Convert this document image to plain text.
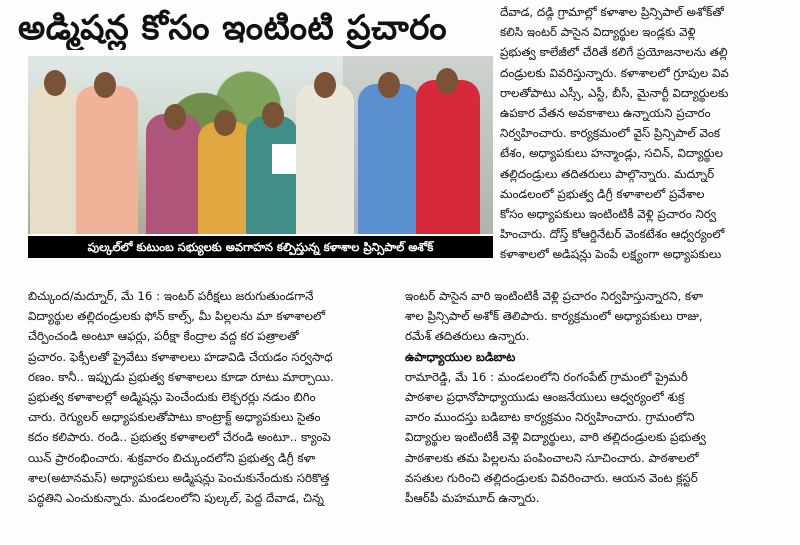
అడ్మిషన్ల కోసం ఇంటింటి ప్రచారం
పుల్కల్‌లో కుటుంబ సభ్యులకు అవగాహన కల్పిస్తున్న కళాశాల ప్రిన్సిపాల్ అశోక్

బిచ్కుంద/మద్నూర్, మే 16 : ఇంటర్ పరీక్షలు జరుగుతుండగానే

విద్యార్థుల తల్లిదండ్రులకు ఫోన్ కాల్స్, మీ పిల్లలను మా కళాశాలలో

చేర్పించండి అంటూ ఆఫర్లు, పరీక్షా కేంద్రాల వద్ద కర పత్రాలతో

ప్రచారం. ఫెక్సీలతో ప్రైవేటు కళాశాలలు హడావిడి చేయడం సర్వసాధ

రణం. కానీ.. ఇప్పుడు ప్రభుత్వ కళాశాలలు కూడా రూటు మార్చాయి.

ప్రభుత్వ కళాశాలల్లో అడ్మిషన్లు పెంచేందుకు లెక్చరర్లు నడుం బిగిం

చారు. రెగ్యులర్ అధ్యాపకులతోపాటు కాంట్రాక్ట్ అధ్యాపకులు సైతం

కదం కలిపారు. రండి.. ప్రభుత్వ కళాశాలలో చేరండి అంటూ.. క్యాంపె

యిన్ ప్రారంభించారు. శుక్రవారం బిచ్కుందలోని ప్రభుత్వ డిగ్రీ కళా

శాల(అటానమస్) అధ్యాపకులు అడ్మిషన్లు పెంచుకునేందుకు సరికొత్త

పద్ధతిని ఎంచుకున్నారు. మండలంలోని పుల్కల్, పెద్ద దేవాడ, చిన్న

దేవాడ, దడ్గి గ్రామాల్లో కళాశాల ప్రిన్సిపాల్ అశోక్‌తో

కలిసి ఇంటర్ పాసైన విద్యార్థుల ఇండ్లకు వెళ్లి

ప్రభుత్వ కాలేజీలో చేరితే కలిగే ప్రయోజనాలను తల్లి

దండ్రులకు వివరిస్తున్నారు. కళాశాలలో గ్రూపుల వివ

రాలతోపాటు ఎస్సీ, ఎస్టీ, బీసీ, మైనార్టీ విద్యార్థులకు

ఉపకార వేతన అవకాశాలు ఉన్నాయని ప్రచారం

నిర్వహించారు. కార్యక్రమంలో వైస్ ప్రిన్సిపాల్ వెంక

టేశం, అధ్యాపకులు హన్మాండ్లు, సచిన్, విద్యార్థుల

తల్లిదండ్రులు తదితరులు పాల్గొన్నారు. మద్నూర్

మండలంలో ప్రభుత్వ డిగ్రీ కళాశాలలో ప్రవేశాల

కోసం అధ్యాపకులు ఇంటింటికీ వెళ్లి ప్రచారం నిర్వ

హించారు. దోస్త్ కోఆర్డినేటర్ వెంకటేశం ఆధ్వర్యంలో

కళాశాలలో అడిషన్లు పెంపే లక్ష్యంగా అధ్యాపకులు

ఇంటర్ పాసైన వారి ఇంటింటికీ వెళ్లి ప్రచారం నిర్వహిస్తున్నారని, కళా

శాల ప్రిన్సిపాల్ అశోక్ తెలిపారు. కార్యక్రమంలో అధ్యాపకులు రాజు,

రమేశ్ తదితరులు ఉన్నారు.

ఉపాధ్యాయుల బడిబాట

రామారెడ్డి, మే 16 : మండలంలోని రంగంపేట్ గ్రామంలో ప్రైమరీ

పాఠశాల ప్రధానోపాధ్యాయుడు ఆంజనేయులు ఆధ్వర్యంలో శుక్ర

వారం ముందస్తు బడిబాట కార్యక్రమం నిర్వహించారు. గ్రామంలోని

విద్యార్థుల ఇంటింటికీ వెళ్లి విద్యార్థులు, వారి తల్లిదండ్రులకు ప్రభుత్వ

పాఠశాలకు తమ పిల్లలను పంపించాలని సూచించారు. పాఠశాలలో

వసతుల గురించి తల్లిదండ్రులకు వివరించారు. ఆయన వెంట క్లస్టర్

పీఆర్‌పీ మహమూద్ ఉన్నారు.
